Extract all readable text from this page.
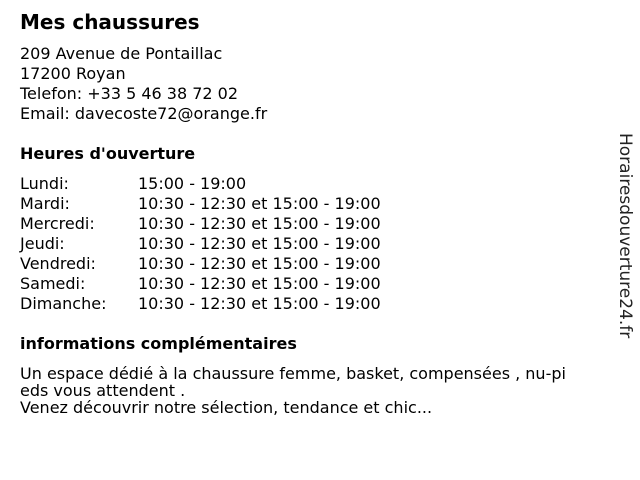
Mes chaussures
209 Avenue de Pontaillac
17200 Royan
Telefon: +33 5 46 38 72 02
Email: davecoste72@orange.fr
Heures d'ouverture
Lundi:	15:00 - 19:00
Mardi:	10:30 - 12:30 et 15:00 - 19:00
Mercredi:	10:30 - 12:30 et 15:00 - 19:00
Jeudi:	10:30 - 12:30 et 15:00 - 19:00
Vendredi:	10:30 - 12:30 et 15:00 - 19:00
Samedi:	10:30 - 12:30 et 15:00 - 19:00
Dimanche: 10:30 - 12:30 et 15:00 - 19:00
informations complémentaires
Un espace dédié à la chaussure femme, basket, compensées , nu-pi
eds vous attendent .
Venez découvrir notre sélection, tendance et chic...
Horairesdouverture24.fr
